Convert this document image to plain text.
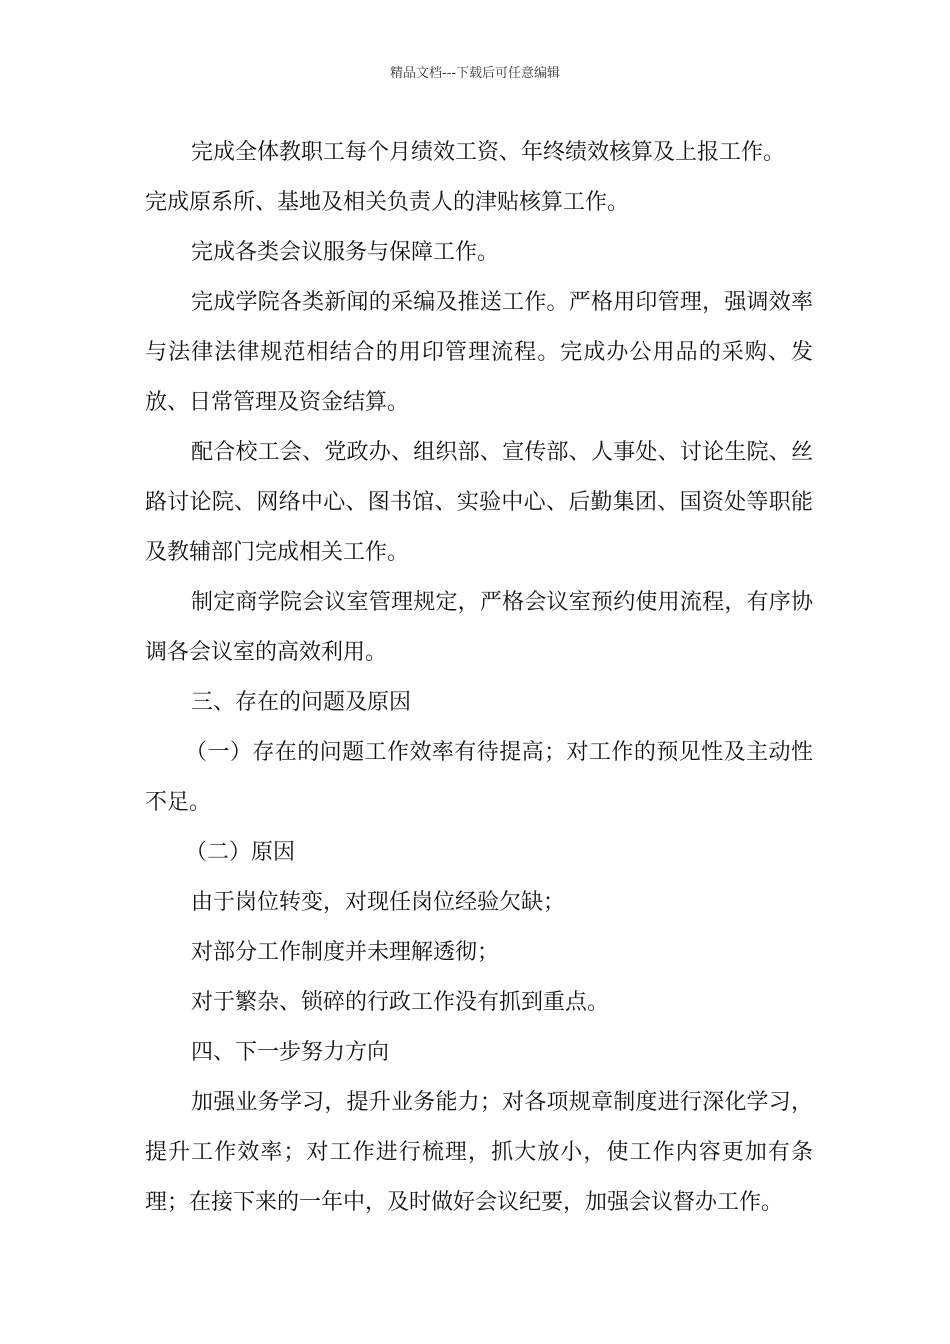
精品文档---下载后可任意编辑

完成全体教职工每个月绩效工资、年终绩效核算及上报工作。

完成原系所、基地及相关负责人的津贴核算工作。

完成各类会议服务与保障工作。

完成学院各类新闻的采编及推送工作。严格用印管理，强调效率与法律法律规范相结合的用印管理流程。完成办公用品的采购、发放、日常管理及资金结算。

配合校工会、党政办、组织部、宣传部、人事处、讨论生院、丝路讨论院、网络中心、图书馆、实验中心、后勤集团、国资处等职能及教辅部门完成相关工作。

制定商学院会议室管理规定，严格会议室预约使用流程，有序协调各会议室的高效利用。

三、存在的问题及原因

（一）存在的问题工作效率有待提高；对工作的预见性及主动性不足。

（二）原因

由于岗位转变，对现任岗位经验欠缺；

对部分工作制度并未理解透彻；

对于繁杂、锁碎的行政工作没有抓到重点。

四、下一步努力方向

加强业务学习，提升业务能力；对各项规章制度进行深化学习，提升工作效率；对工作进行梳理，抓大放小，使工作内容更加有条理；在接下来的一年中，及时做好会议纪要，加强会议督办工作。
